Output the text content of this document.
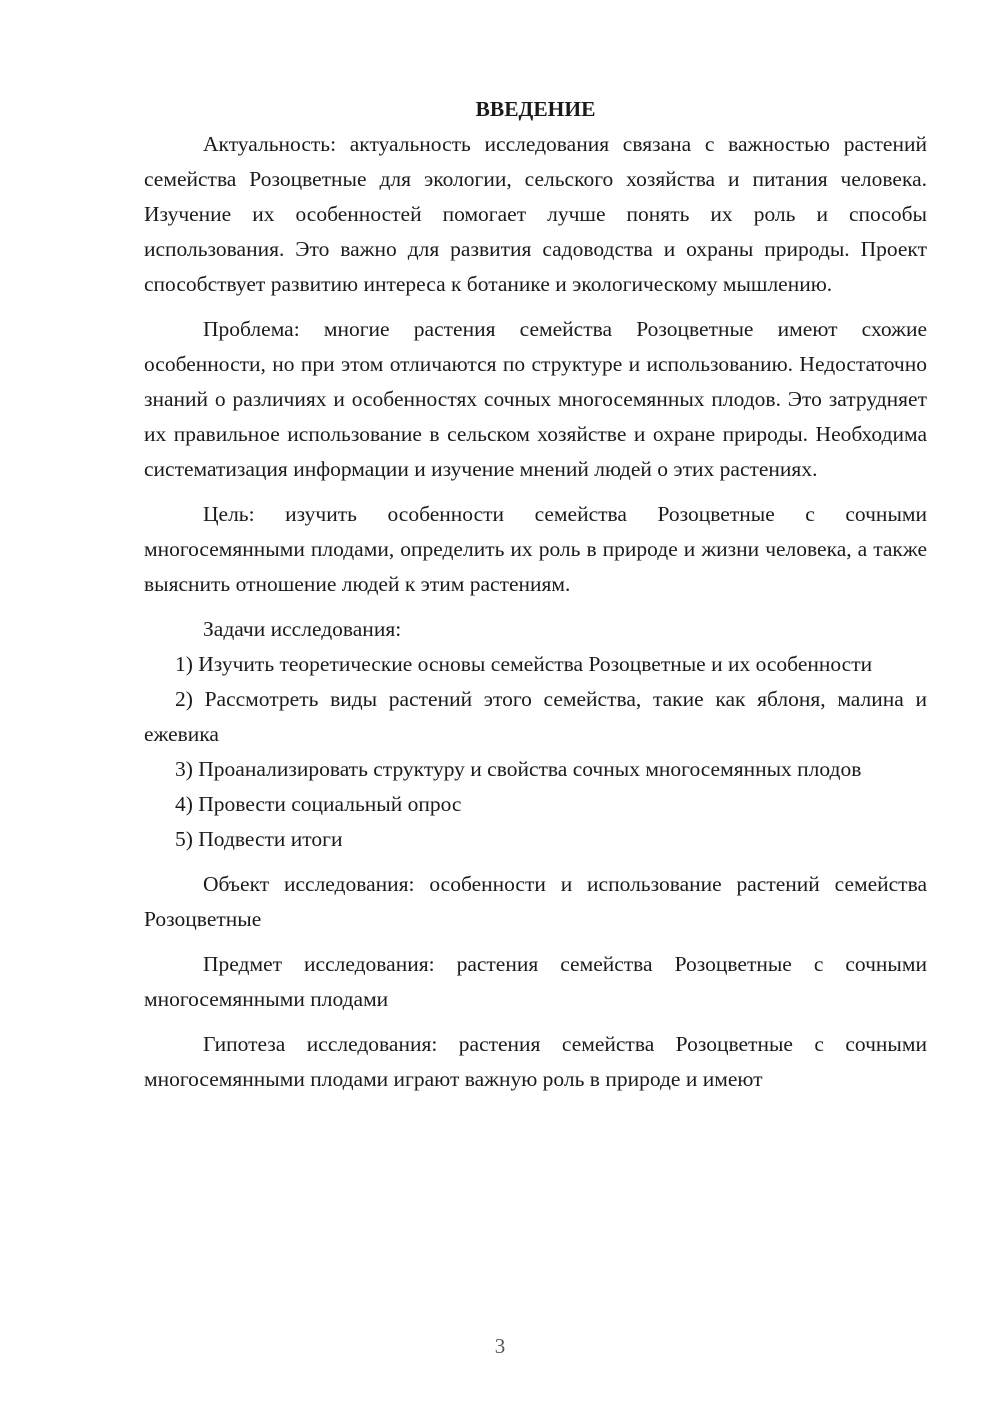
ВВЕДЕНИЕ

Актуальность: актуальность исследования связана с важностью растений семейства Розоцветные для экологии, сельского хозяйства и питания человека. Изучение их особенностей помогает лучше понять их роль и способы использования. Это важно для развития садоводства и охраны природы. Проект способствует развитию интереса к ботанике и экологическому мышлению.

Проблема: многие растения семейства Розоцветные имеют схожие особенности, но при этом отличаются по структуре и использованию. Недостаточно знаний о различиях и особенностях сочных многосемянных плодов. Это затрудняет их правильное использование в сельском хозяйстве и охране природы. Необходима систематизация информации и изучение мнений людей о этих растениях.

Цель: изучить особенности семейства Розоцветные с сочными многосемянными плодами, определить их роль в природе и жизни человека, а также выяснить отношение людей к этим растениям.

Задачи исследования:

1) Изучить теоретические основы семейства Розоцветные и их особенности

2) Рассмотреть виды растений этого семейства, такие как яблоня, малина и ежевика

3) Проанализировать структуру и свойства сочных многосемянных плодов

4) Провести социальный опрос

5) Подвести итоги

Объект исследования: особенности и использование растений семейства Розоцветные

Предмет исследования: растения семейства Розоцветные с сочными многосемянными плодами

Гипотеза исследования: растения семейства Розоцветные с сочными многосемянными плодами играют важную роль в природе и имеют

3
